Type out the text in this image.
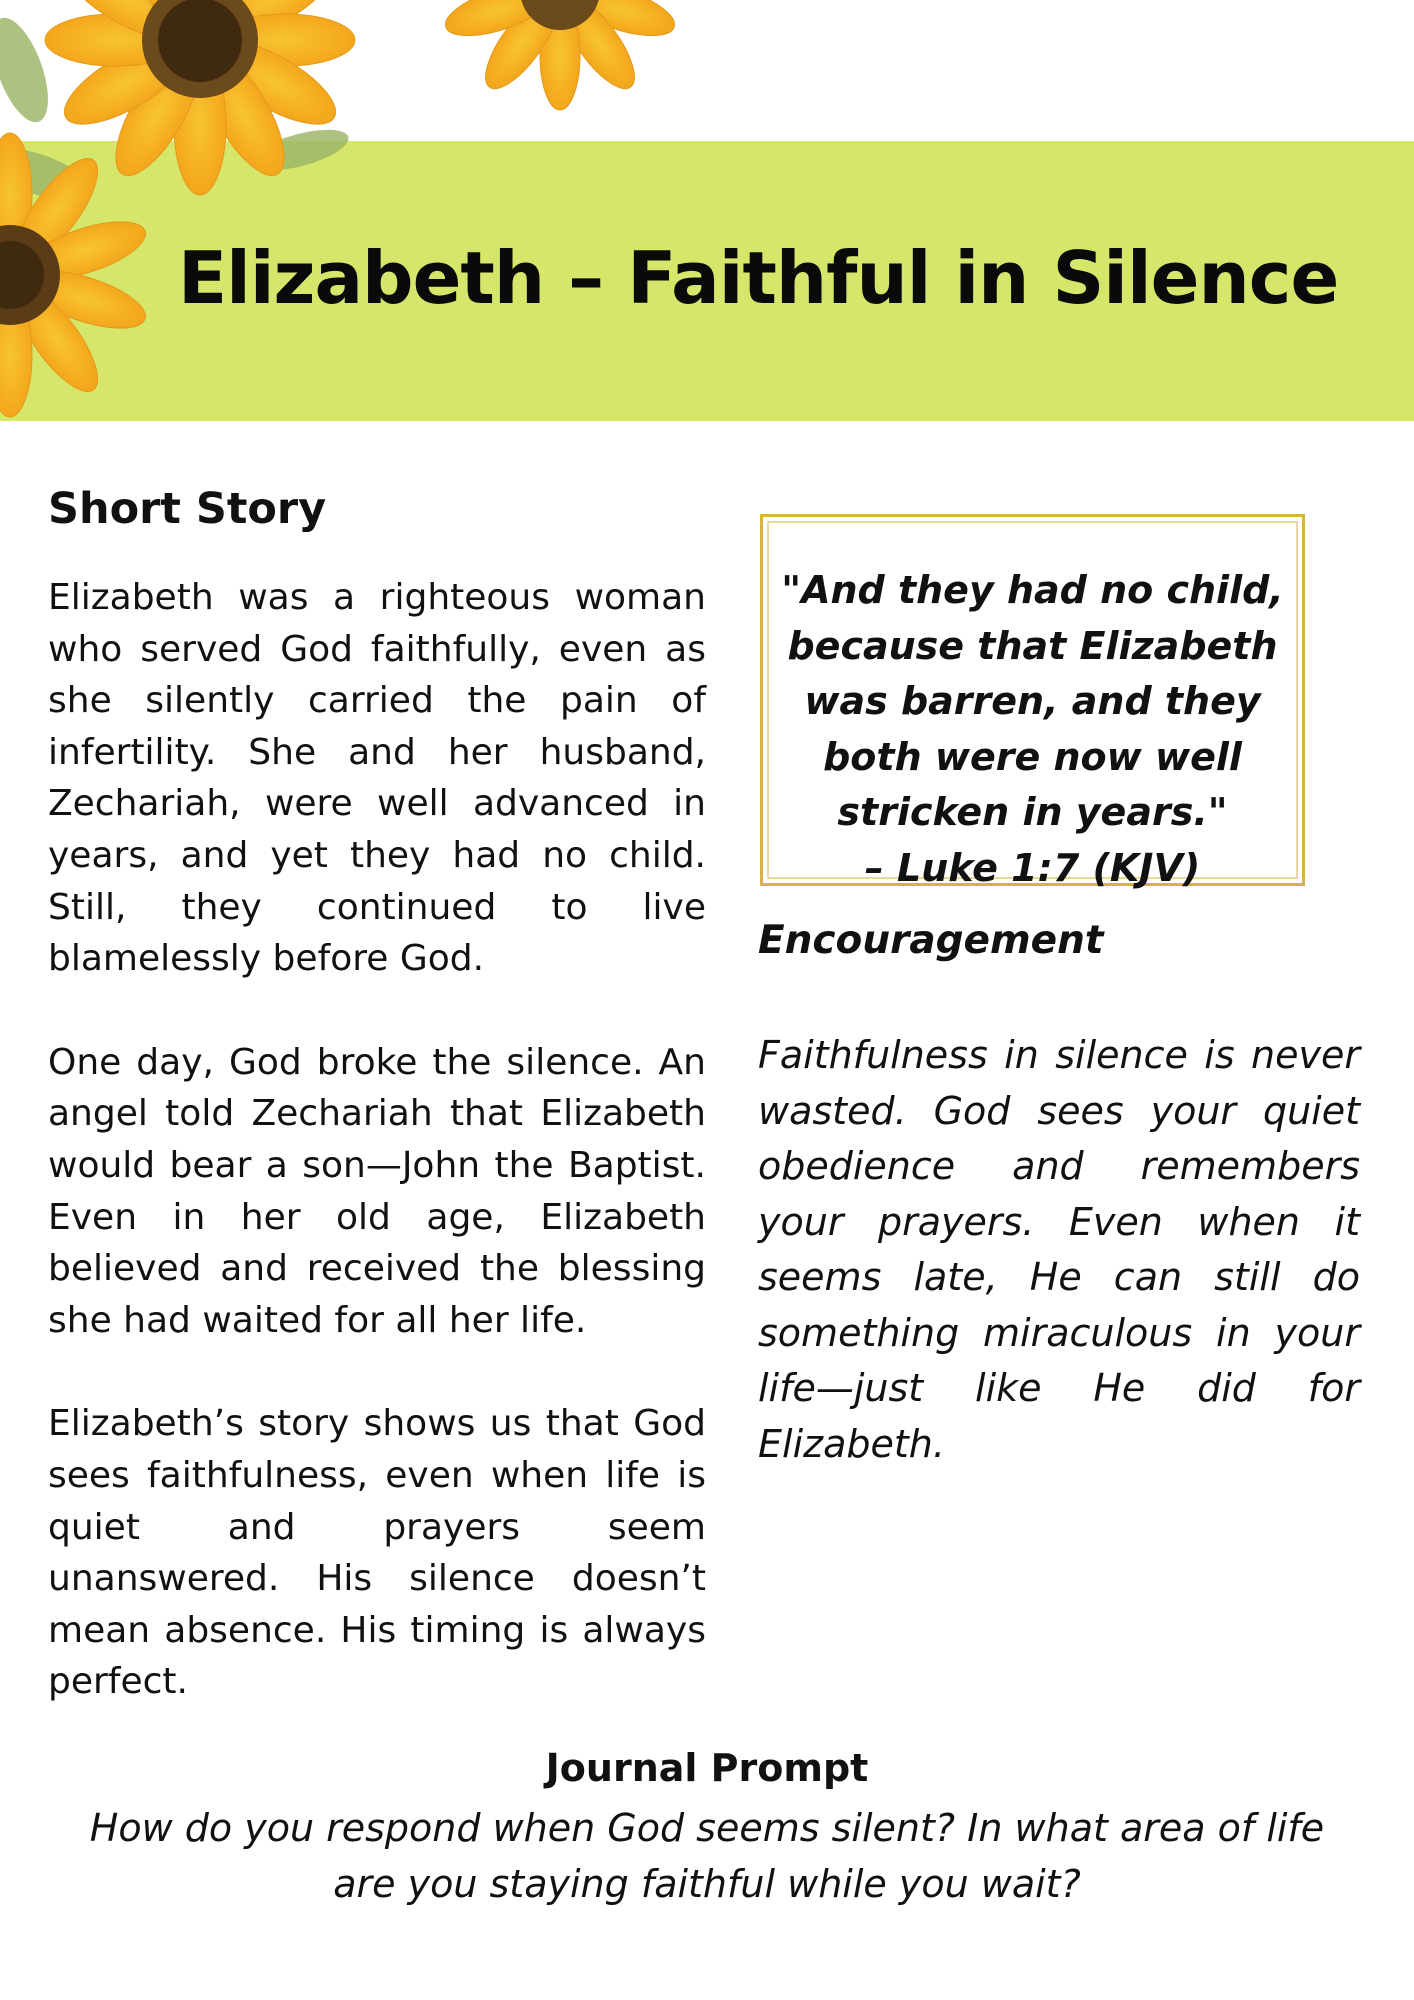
Elizabeth – Faithful in Silence
Short Story

Elizabeth was a righteous woman who served God faithfully, even as she silently carried the pain of infertility. She and her husband, Zechariah, were well advanced in years, and yet they had no child. Still, they continued to live blamelessly before God.

One day, God broke the silence. An angel told Zechariah that Elizabeth would bear a son—John the Baptist. Even in her old age, Elizabeth believed and received the blessing she had waited for all her life.

Elizabeth’s story shows us that God sees faithfulness, even when life is quiet and prayers seem unanswered. His silence doesn’t mean absence. His timing is always perfect.

"And they had no child, because that Elizabeth was barren, and they both were now well stricken in years."
– Luke 1:7 (KJV)

Encouragement

Faithfulness in silence is never wasted. God sees your quiet obedience and remembers your prayers. Even when it seems late, He can still do something miraculous in your life—just like He did for Elizabeth.

Journal Prompt

How do you respond when God seems silent? In what area of life are you staying faithful while you wait?
